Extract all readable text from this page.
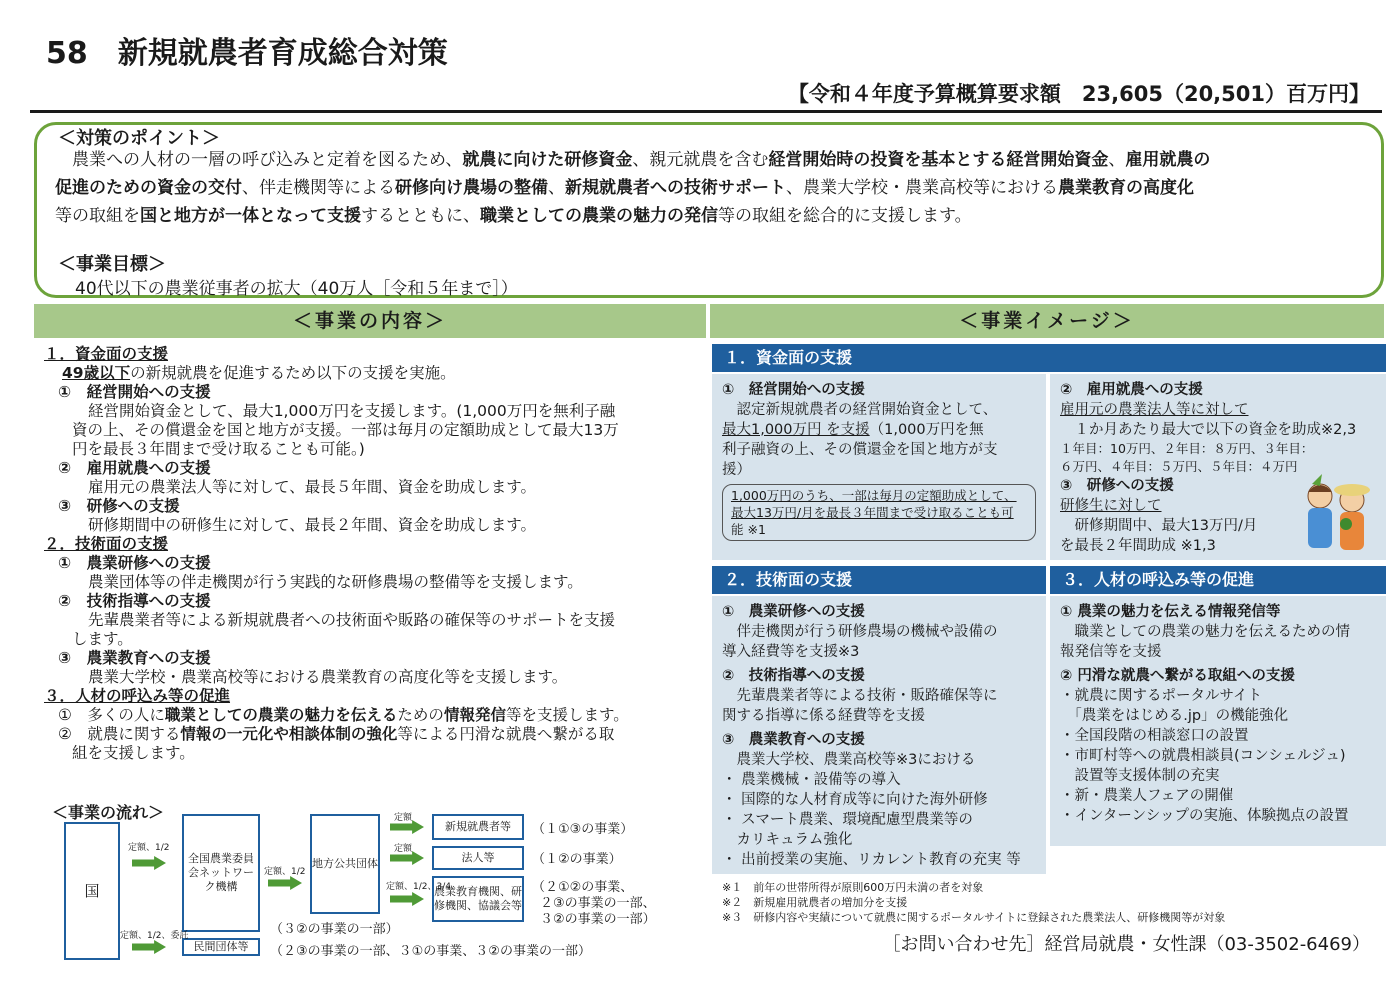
58　新規就農者育成総合対策
【令和４年度予算概算要求額　23,605（20,501）百万円】
＜対策のポイント＞
　農業への人材の一層の呼び込みと定着を図るため、就農に向けた研修資金、親元就農を含む経営開始時の投資を基本とする経営開始資金、雇用就農の
促進のための資金の交付、伴走機関等による研修向け農場の整備、新規就農者への技術サポート、農業大学校・農業高校等における農業教育の高度化
等の取組を国と地方が一体となって支援するとともに、職業としての農業の魅力の発信等の取組を総合的に支援します。
＜事業目標＞
　40代以下の農業従事者の拡大（40万人［令和５年まで］）
＜事業の内容＞	＜事業イメージ＞
１．資金面の支援
49歳以下の新規就農を促進するため以下の支援を実施。
①　経営開始への支援
経営開始資金として、最大1,000万円を支援します。(1,000万円を無利子融
資の上、その償還金を国と地方が支援。一部は毎月の定額助成として最大13万
円を最長３年間まで受け取ることも可能。)
②　雇用就農への支援
雇用元の農業法人等に対して、最長５年間、資金を助成します。
③　研修への支援
研修期間中の研修生に対して、最長２年間、資金を助成します。
２．技術面の支援
①　農業研修への支援
農業団体等の伴走機関が行う実践的な研修農場の整備等を支援します。
②　技術指導への支援
先輩農業者等による新規就農者への技術面や販路の確保等のサポートを支援
します。
③　農業教育への支援
農業大学校・農業高校等における農業教育の高度化等を支援します。
３．人材の呼込み等の促進
①　多くの人に職業としての農業の魅力を伝えるための情報発信等を支援します。
②　就農に関する情報の一元化や相談体制の強化等による円滑な就農へ繋がる取
組を支援します。
＜事業の流れ＞
国
全国農業委員会ネットワーク機構
地方公共団体
民間団体等
新規就農者等
法人等
農業教育機関、研修機関、協議会等
定額、1/2
定額、1/2
定額
定額
定額、1/2、3/4
定額、1/2、委託
（１①③の事業）
（１②の事業）
（２①②の事業、
２③の事業の一部、
３②の事業の一部）
（３②の事業の一部）
（２③の事業の一部、３①の事業、３②の事業の一部）
１．資金面の支援
①　経営開始への支援
　認定新規就農者の経営開始資金として、
最大1,000万円 を支援（1,000万円を無
利子融資の上、その償還金を国と地方が支
援）
1,000万円のうち、一部は毎月の定額助成として、
最大13万円/月を最長３年間まで受け取ることも可
能 ※1
②　雇用就農への支援
雇用元の農業法人等に対して
　１か月あたり最大で以下の資金を助成※2,3
１年目：10万円、２年目：８万円、３年目：
６万円、４年目：５万円、５年目：４万円
③　研修への支援
研修生に対して
　研修期間中、最大13万円/月
を最長２年間助成 ※1,3
２．技術面の支援
①　農業研修への支援
　伴走機関が行う研修農場の機械や設備の
導入経費等を支援※3
②　技術指導への支援
　先輩農業者等による技術・販路確保等に
関する指導に係る経費等を支援
③　農業教育への支援
　農業大学校、農業高校等※3における
・ 農業機械・設備等の導入
・ 国際的な人材育成等に向けた海外研修
・ スマート農業、環境配慮型農業等の
　カリキュラム強化
・ 出前授業の実施、リカレント教育の充実 等
３．人材の呼込み等の促進
① 農業の魅力を伝える情報発信等
　職業としての農業の魅力を伝えるための情
報発信等を支援
② 円滑な就農へ繋がる取組への支援
・就農に関するポータルサイト
　「農業をはじめる.jp」の機能強化
・全国段階の相談窓口の設置
・市町村等への就農相談員(コンシェルジュ)
　設置等支援体制の充実
・新・農業人フェアの開催
・インターンシップの実施、体験拠点の設置
※１　前年の世帯所得が原則600万円未満の者を対象
※２　新規雇用就農者の増加分を支援
※３　研修内容や実績について就農に関するポータルサイトに登録された農業法人、研修機関等が対象
［お問い合わせ先］経営局就農・女性課（03-3502-6469）
